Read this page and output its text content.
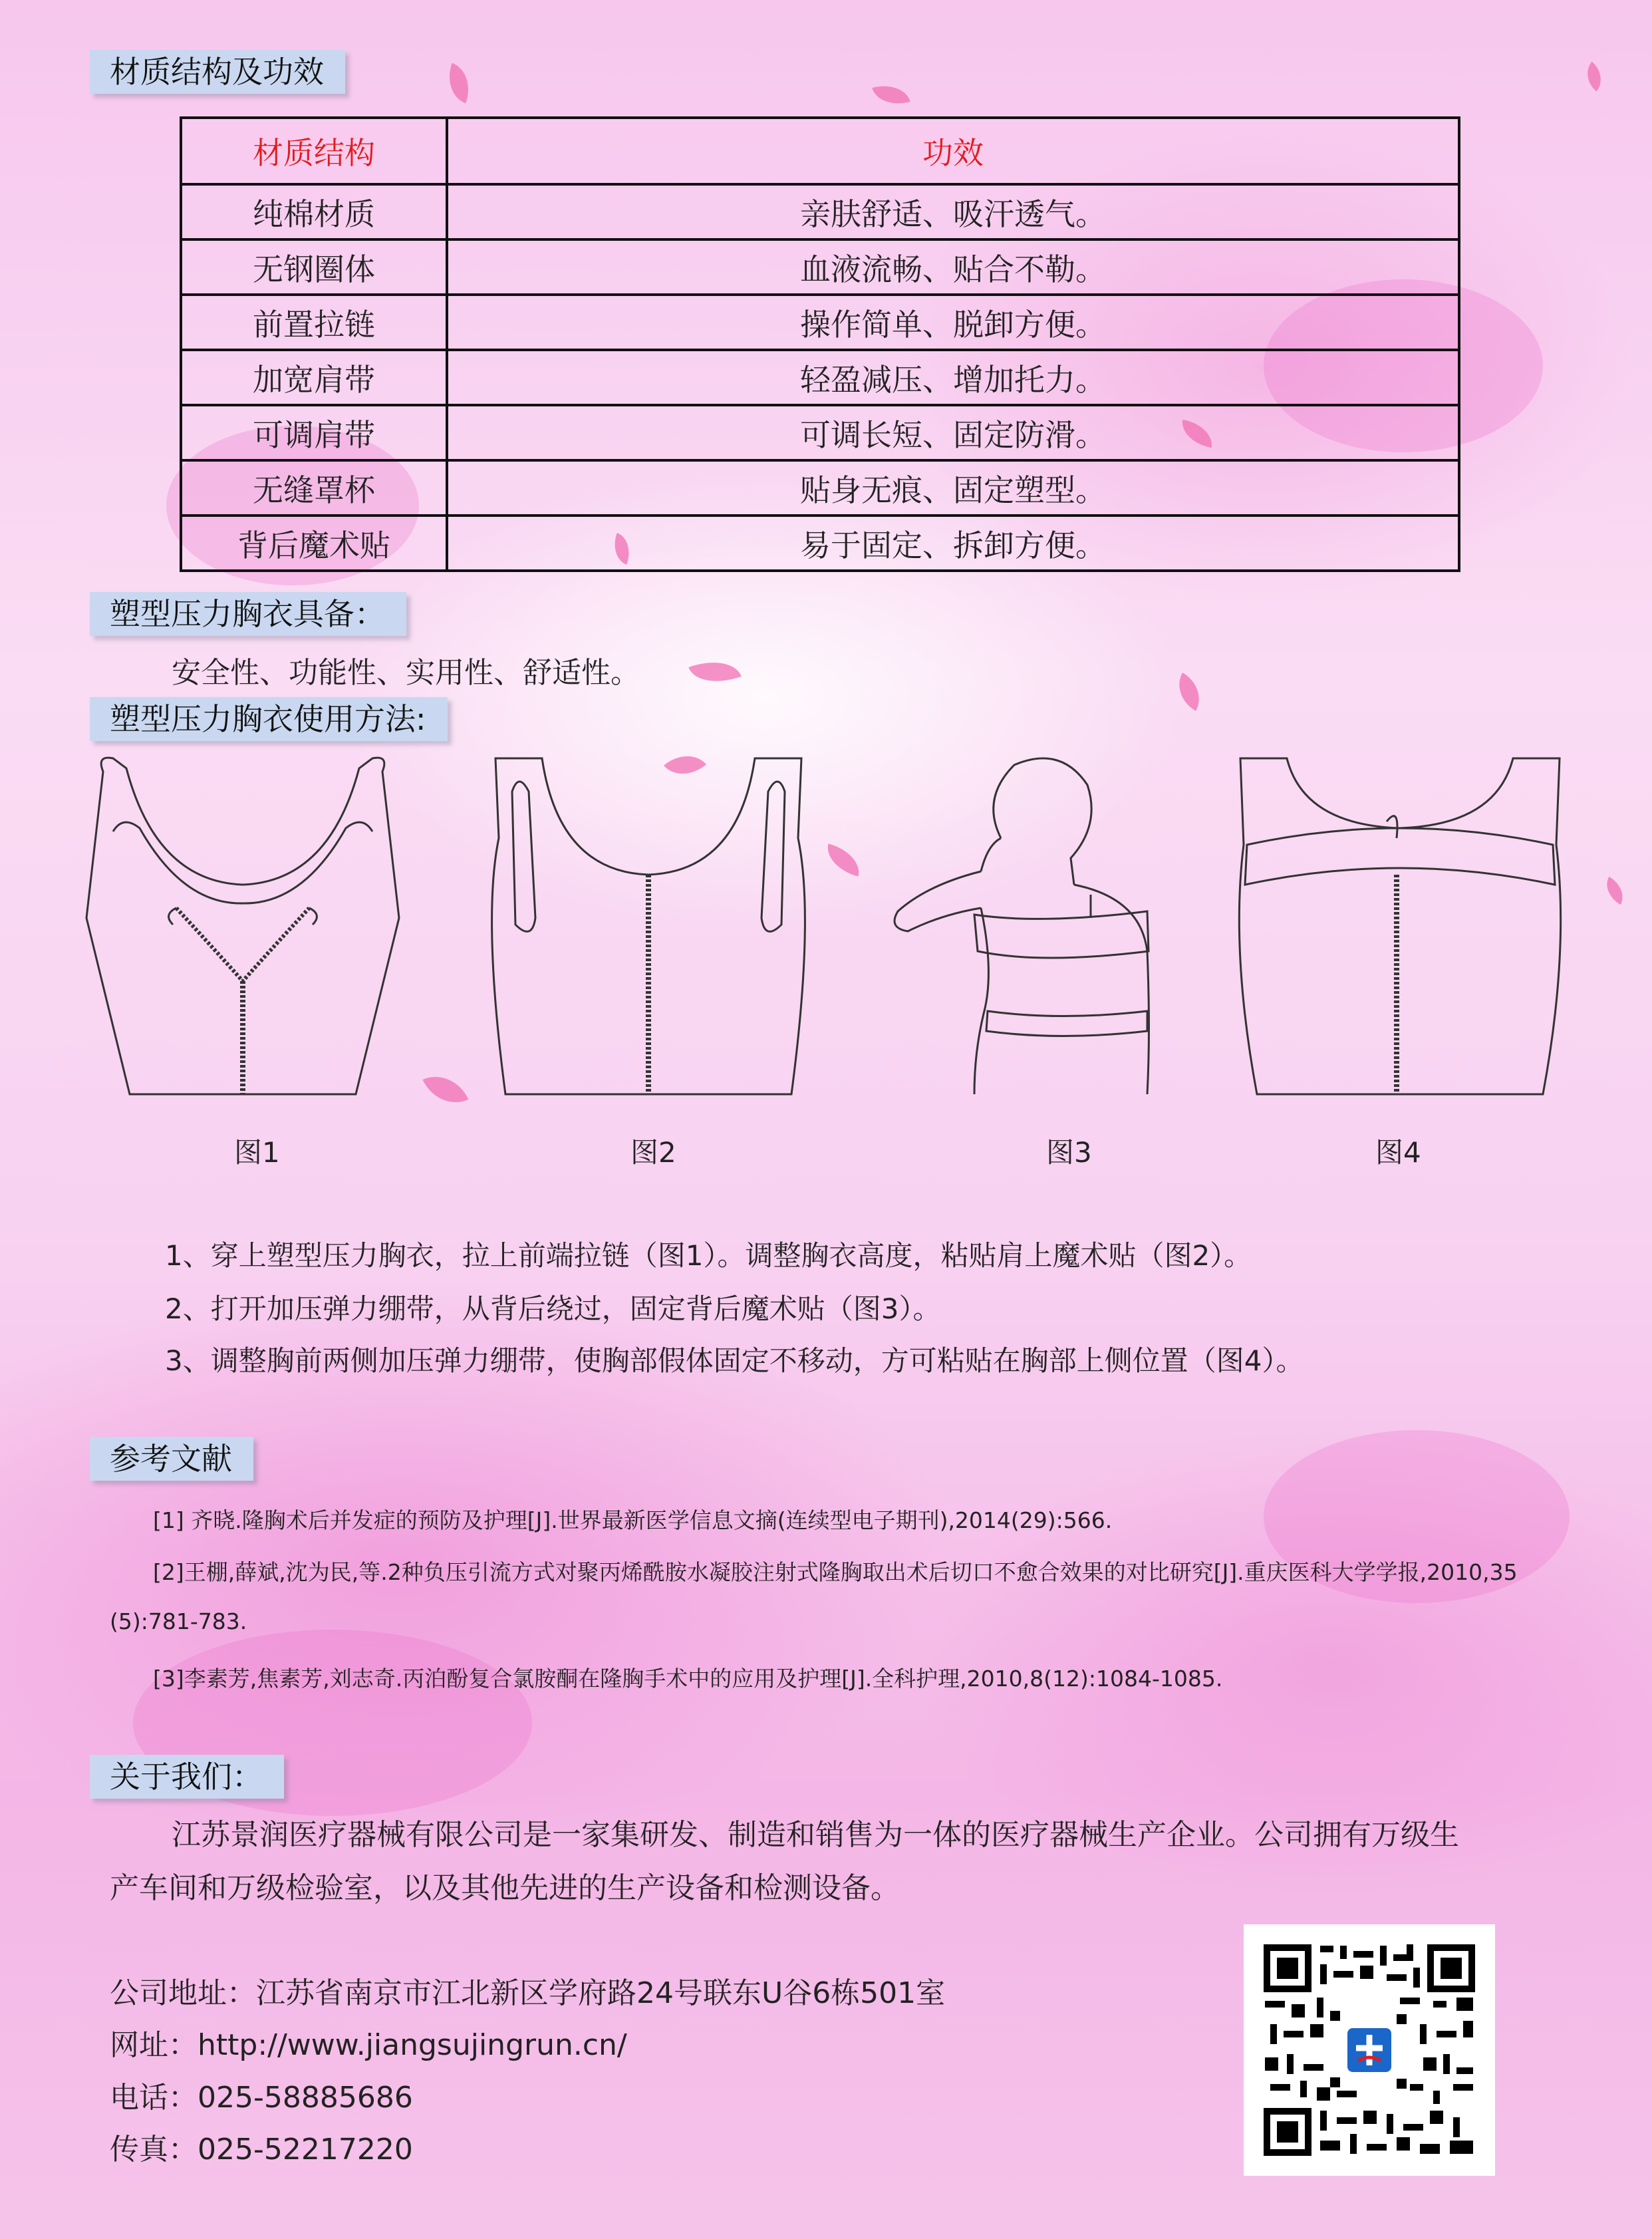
材质结构及功效
材质结构	功效
纯棉材质	亲肤舒适、吸汗透气。
无钢圈体	血液流畅、贴合不勒。
前置拉链	操作简单、脱卸方便。
加宽肩带	轻盈减压、增加托力。
可调肩带	可调长短、固定防滑。
无缝罩杯	贴身无痕、固定塑型。
背后魔术贴	易于固定、拆卸方便。
塑型压力胸衣具备：
安全性、功能性、实用性、舒适性。
塑型压力胸衣使用方法:
图1	图2	图3	图4
1、穿上塑型压力胸衣，拉上前端拉链（图1）。调整胸衣高度，粘贴肩上魔术贴（图2）。
2、打开加压弹力绷带，从背后绕过，固定背后魔术贴（图3）。
3、调整胸前两侧加压弹力绷带，使胸部假体固定不移动，方可粘贴在胸部上侧位置（图4）。
参考文献
[1] 齐晓.隆胸术后并发症的预防及护理[J].世界最新医学信息文摘(连续型电子期刊),2014(29):566.
[2]王棚,薛斌,沈为民,等.2种负压引流方式对聚丙烯酰胺水凝胶注射式隆胸取出术后切口不愈合效果的对比研究[J].重庆医科大学学报,2010,35
(5):781-783.
[3]李素芳,焦素芳,刘志奇.丙泊酚复合氯胺酮在隆胸手术中的应用及护理[J].全科护理,2010,8(12):1084-1085.
关于我们：
江苏景润医疗器械有限公司是一家集研发、制造和销售为一体的医疗器械生产企业。公司拥有万级生
产车间和万级检验室，以及其他先进的生产设备和检测设备。
公司地址：江苏省南京市江北新区学府路24号联东U谷6栋501室
网址：http://www.jiangsujingrun.cn/
电话：025-58885686
传真：025-52217220
